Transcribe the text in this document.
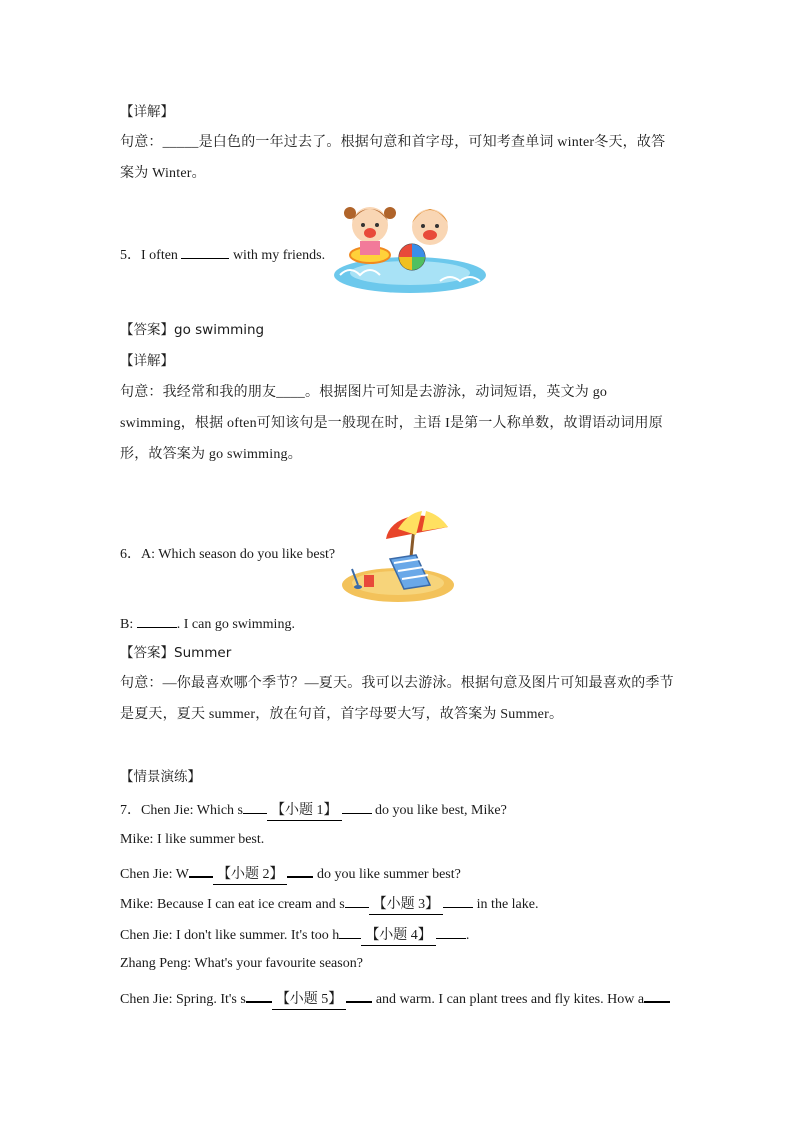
【详解】
句意：_____是白色的一年过去了。根据句意和首字母，可知考查单词 winter冬天，故答
案为 Winter。
5．I often	with my friends.
【答案】go swimming
【详解】
句意：我经常和我的朋友____。根据图片可知是去游泳，动词短语，英文为 go
swimming，根据 often可知该句是一般现在时，主语 I是第一人称单数，故谓语动词用原
形，故答案为 go swimming。
6．A: Which season do you like best?
B:	. I can go swimming.
【答案】Summer
句意：—你最喜欢哪个季节？—夏天。我可以去游泳。根据句意及图片可知最喜欢的季节
是夏天，夏天 summer，放在句首，首字母要大写，故答案为 Summer。
【情景演练】
7．Chen Jie: Which s 【小题 1】 do you like best, Mike?
Mike: I like summer best.
Chen Jie: W 【小题 2】 do you like summer best?
Mike: Because I can eat ice cream and s 【小题 3】 in the lake.
Chen Jie: I don't like summer. It's too h 【小题 4】 .
Zhang Peng: What's your favourite season?
Chen Jie: Spring. It's s 【小题 5】 and warm. I can plant trees and fly kites. How a
